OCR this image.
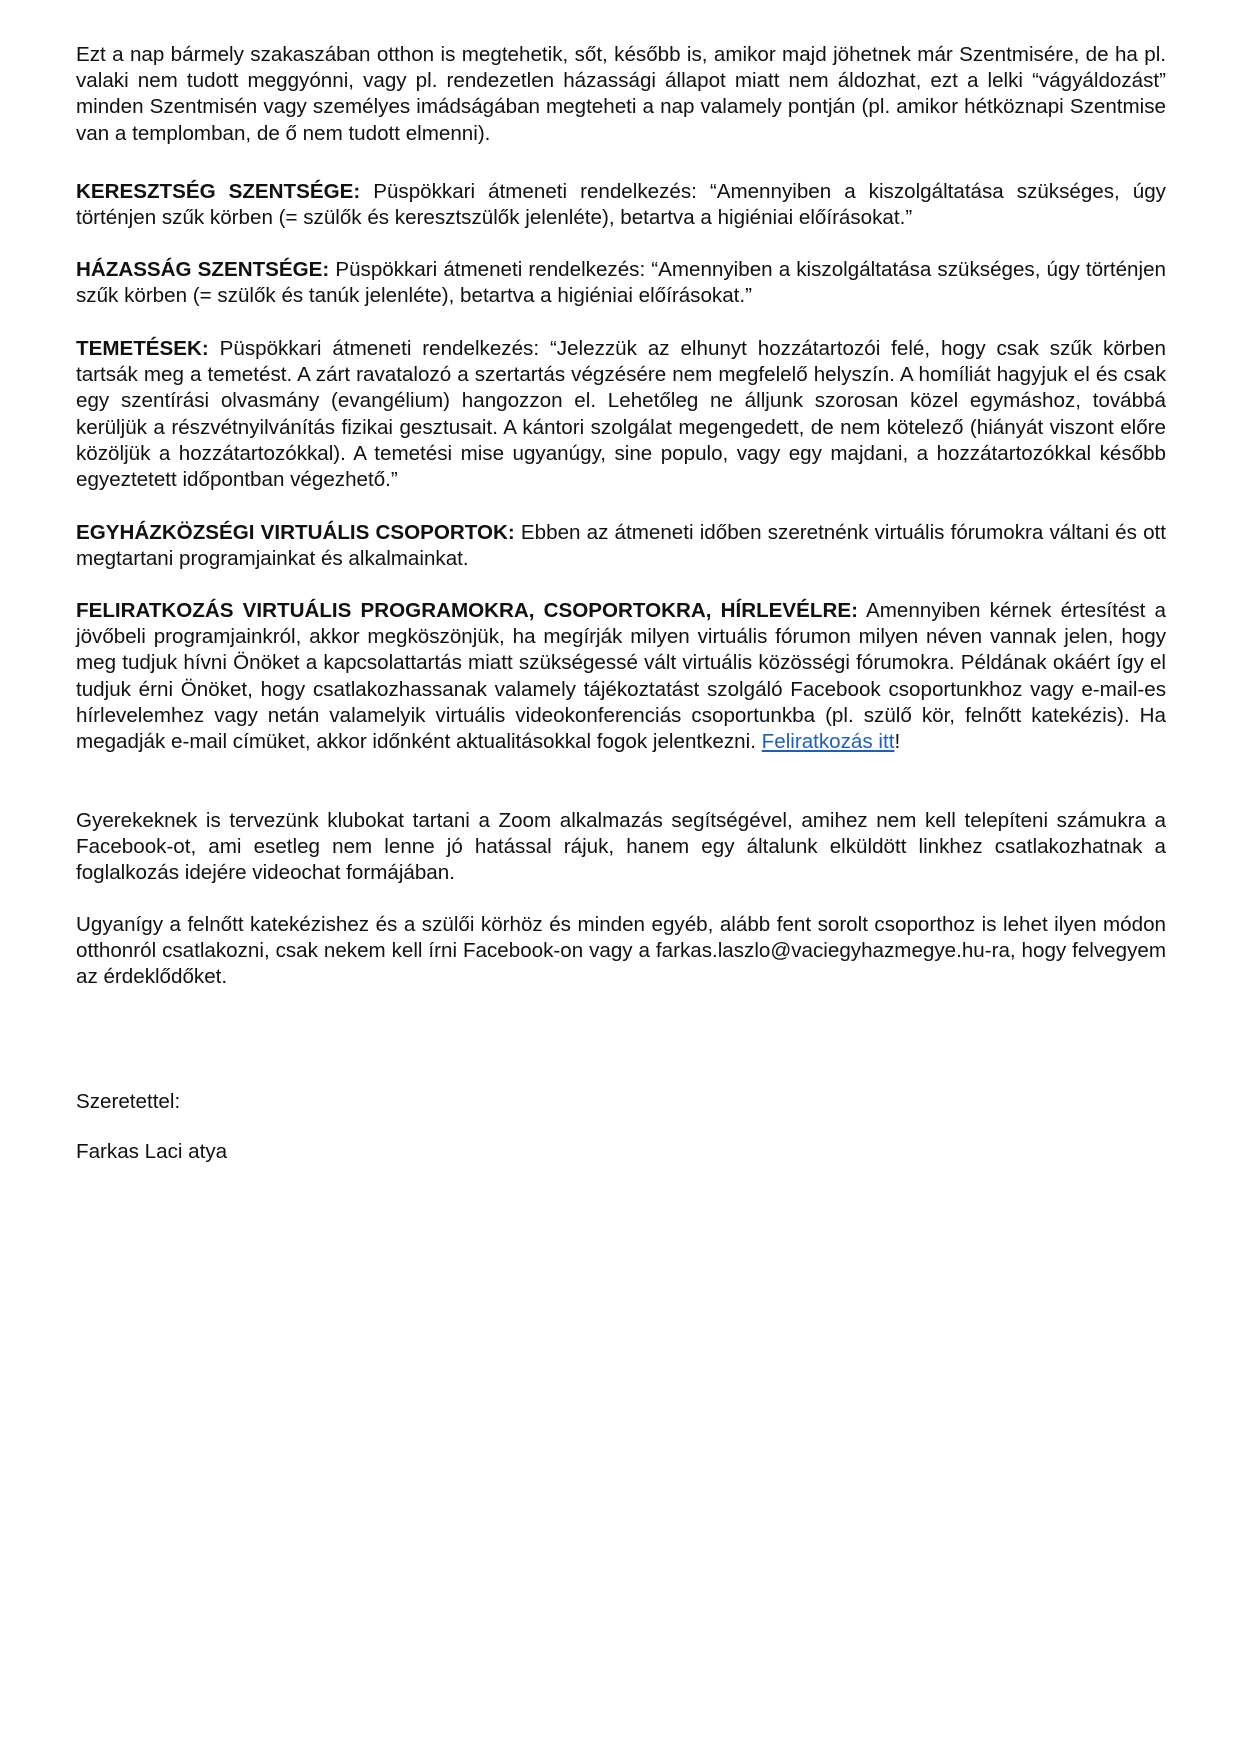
Ezt a nap bármely szakaszában otthon is megtehetik, sőt, később is, amikor majd jöhetnek már Szentmisére, de ha pl. valaki nem tudott meggyónni, vagy pl. rendezetlen házassági állapot miatt nem áldozhat, ezt a lelki “vágyáldozást” minden Szentmisén vagy személyes imádságában megteheti a nap valamely pontján (pl. amikor hétköznapi Szentmise van a templomban, de ő nem tudott elmenni).

KERESZTSÉG SZENTSÉGE: Püspökkari átmeneti rendelkezés: “Amennyiben a kiszolgáltatása szükséges, úgy történjen szűk körben (= szülők és keresztszülők jelenléte), betartva a higiéniai előírásokat.”

HÁZASSÁG SZENTSÉGE: Püspökkari átmeneti rendelkezés: “Amennyiben a kiszolgáltatása szükséges, úgy történjen szűk körben (= szülők és tanúk jelenléte), betartva a higiéniai előírásokat.”

TEMETÉSEK: Püspökkari átmeneti rendelkezés: “Jelezzük az elhunyt hozzátartozói felé, hogy csak szűk körben tartsák meg a temetést. A zárt ravatalozó a szertartás végzésére nem megfelelő helyszín. A homíliát hagyjuk el és csak egy szentírási olvasmány (evangélium) hangozzon el. Lehetőleg ne álljunk szorosan közel egymáshoz, továbbá kerüljük a részvétnyilvánítás fizikai gesztusait. A kántori szolgálat megengedett, de nem kötelező (hiányát viszont előre közöljük a hozzátartozókkal). A temetési mise ugyanúgy, sine populo, vagy egy majdani, a hozzátartozókkal később egyeztetett időpontban végezhető.”

EGYHÁZKÖZSÉGI VIRTUÁLIS CSOPORTOK: Ebben az átmeneti időben szeretnénk virtuális fórumokra váltani és ott megtartani programjainkat és alkalmainkat.

FELIRATKOZÁS VIRTUÁLIS PROGRAMOKRA, CSOPORTOKRA, HÍRLEVÉLRE: Amennyiben kérnek értesítést a jövőbeli programjainkról, akkor megköszönjük, ha megírják milyen virtuális fórumon milyen néven vannak jelen, hogy meg tudjuk hívni Önöket a kapcsolattartás miatt szükségessé vált virtuális közösségi fórumokra. Példának okáért így el tudjuk érni Önöket, hogy csatlakozhassanak valamely tájékoztatást szolgáló Facebook csoportunkhoz vagy e-mail-es hírlevelemhez vagy netán valamelyik virtuális videokonferenciás csoportunkba (pl. szülő kör, felnőtt katekézis). Ha megadják e-mail címüket, akkor időnként aktualitásokkal fogok jelentkezni. Feliratkozás itt!

Gyerekeknek is tervezünk klubokat tartani a Zoom alkalmazás segítségével, amihez nem kell telepíteni számukra a Facebook-ot, ami esetleg nem lenne jó hatással rájuk, hanem egy általunk elküldött linkhez csatlakozhatnak a foglalkozás idejére videochat formájában.

Ugyanígy a felnőtt katekézishez és a szülői körhöz és minden egyéb, alább fent sorolt csoporthoz is lehet ilyen módon otthonról csatlakozni, csak nekem kell írni Facebook-on vagy a farkas.laszlo@vaciegyhazmegye.hu-ra, hogy felvegyem az érdeklődőket.

Szeretettel:

Farkas Laci atya
